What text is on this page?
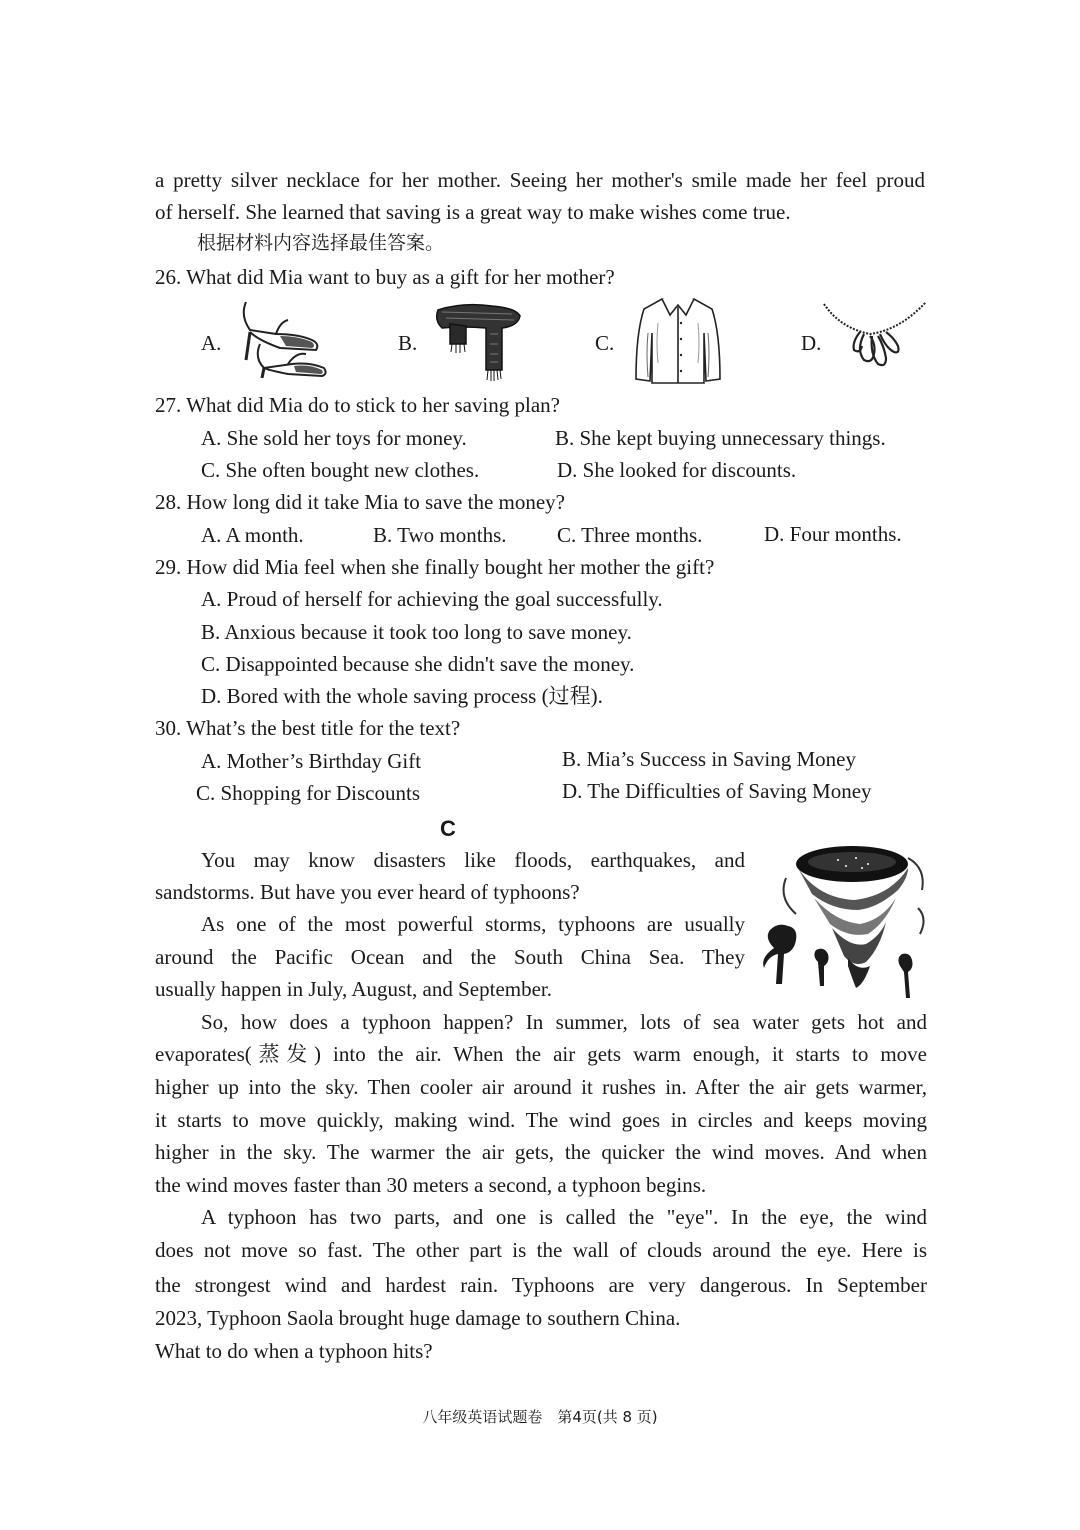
a pretty silver necklace for her mother. Seeing her mother's smile made her feel proud
of herself. She learned that saving is a great way to make wishes come true.
根据材料内容选择最佳答案。
26. What did Mia want to buy as a gift for her mother?
A.	B.	C.	D.
27. What did Mia do to stick to her saving plan?
A. She sold her toys for money.	B. She kept buying unnecessary things.
C. She often bought new clothes.	D. She looked for discounts.
28. How long did it take Mia to save the money?
A. A month.	B. Two months. C. Three months.	D. Four months.
29. How did Mia feel when she finally bought her mother the gift?
A. Proud of herself for achieving the goal successfully.
B. Anxious because it took too long to save money.
C. Disappointed because she didn't save the money.
D. Bored with the whole saving process (过程).
30. What’s the best title for the text?
A. Mother’s Birthday Gift	B. Mia’s Success in Saving Money
C. Shopping for Discounts	D. The Difficulties of Saving Money
C
You may know disasters like floods, earthquakes, and
sandstorms. But have you ever heard of typhoons?
As one of the most powerful storms, typhoons are usually
around the Pacific Ocean and the South China Sea. They
usually happen in July, August, and September.
So, how does a typhoon happen? In summer, lots of sea water gets hot and
evaporates(蒸发) into the air. When the air gets warm enough, it starts to move
higher up into the sky. Then cooler air around it rushes in. After the air gets warmer,
it starts to move quickly, making wind. The wind goes in circles and keeps moving
higher in the sky. The warmer the air gets, the quicker the wind moves. And when
the wind moves faster than 30 meters a second, a typhoon begins.
A typhoon has two parts, and one is called the "eye". In the eye, the wind
does not move so fast. The other part is the wall of clouds around the eye. Here is
the strongest wind and hardest rain. Typhoons are very dangerous. In September
2023, Typhoon Saola brought huge damage to southern China.
What to do when a typhoon hits?
八年级英语试题卷　第4页(共 8 页)
